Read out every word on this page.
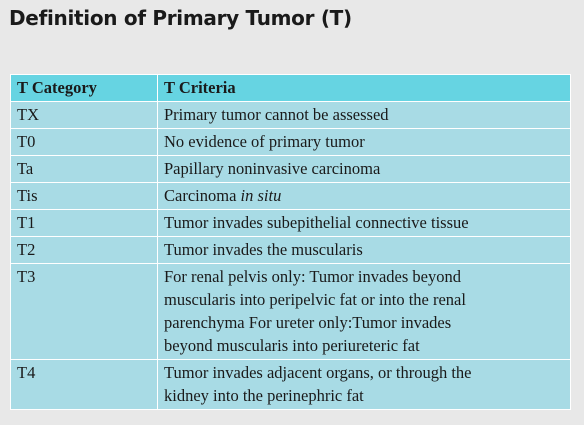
Definition of Primary Tumor (T)
T Category	T Criteria
TX	Primary tumor cannot be assessed
T0	No evidence of primary tumor
Ta	Papillary noninvasive carcinoma
Tis	Carcinoma in situ
T1	Tumor invades subepithelial connective tissue
T2	Tumor invades the muscularis
T3	For renal pelvis only: Tumor invades beyond
muscularis into peripelvic fat or into the renal
parenchyma For ureter only:Tumor invades
beyond muscularis into periureteric fat

T4	Tumor invades adjacent organs, or through the
kidney into the perinephric fat
